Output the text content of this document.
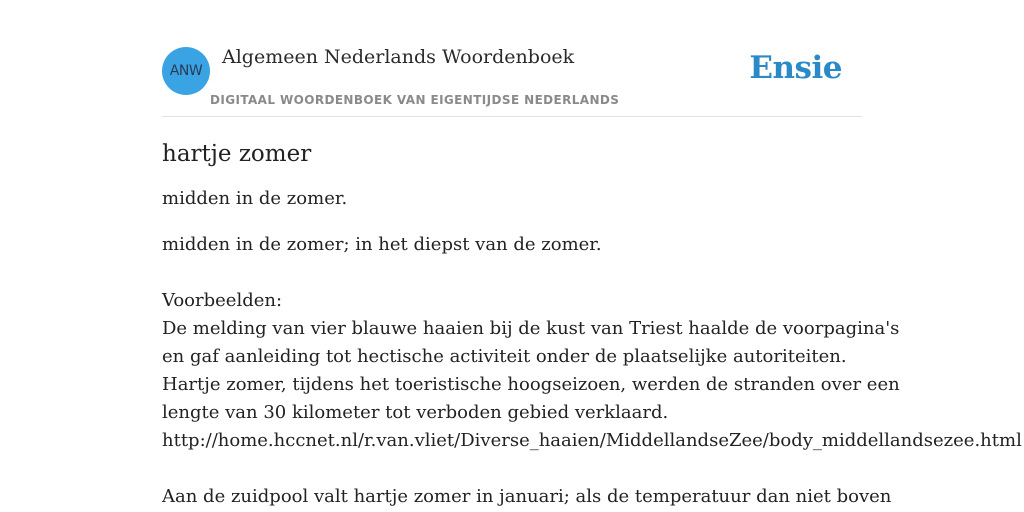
ANW
Algemeen Nederlands Woordenboek
DIGITAAL WOORDENBOEK VAN EIGENTIJDSE NEDERLANDS
Ensie
hartje zomer

midden in de zomer.

midden in de zomer; in het diepst van de zomer.
Voorbeelden:
De melding van vier blauwe haaien bij de kust van Triest haalde de voorpagina's
en gaf aanleiding tot hectische activiteit onder de plaatselijke autoriteiten.
Hartje zomer, tijdens het toeristische hoogseizoen, werden de stranden over een
lengte van 30 kilometer tot verboden gebied verklaard.
http://home.hccnet.nl/r.van.vliet/Diverse_haaien/MiddellandseZee/body_middellandsezee.html
Aan de zuidpool valt hartje zomer in januari; als de temperatuur dan niet boven
